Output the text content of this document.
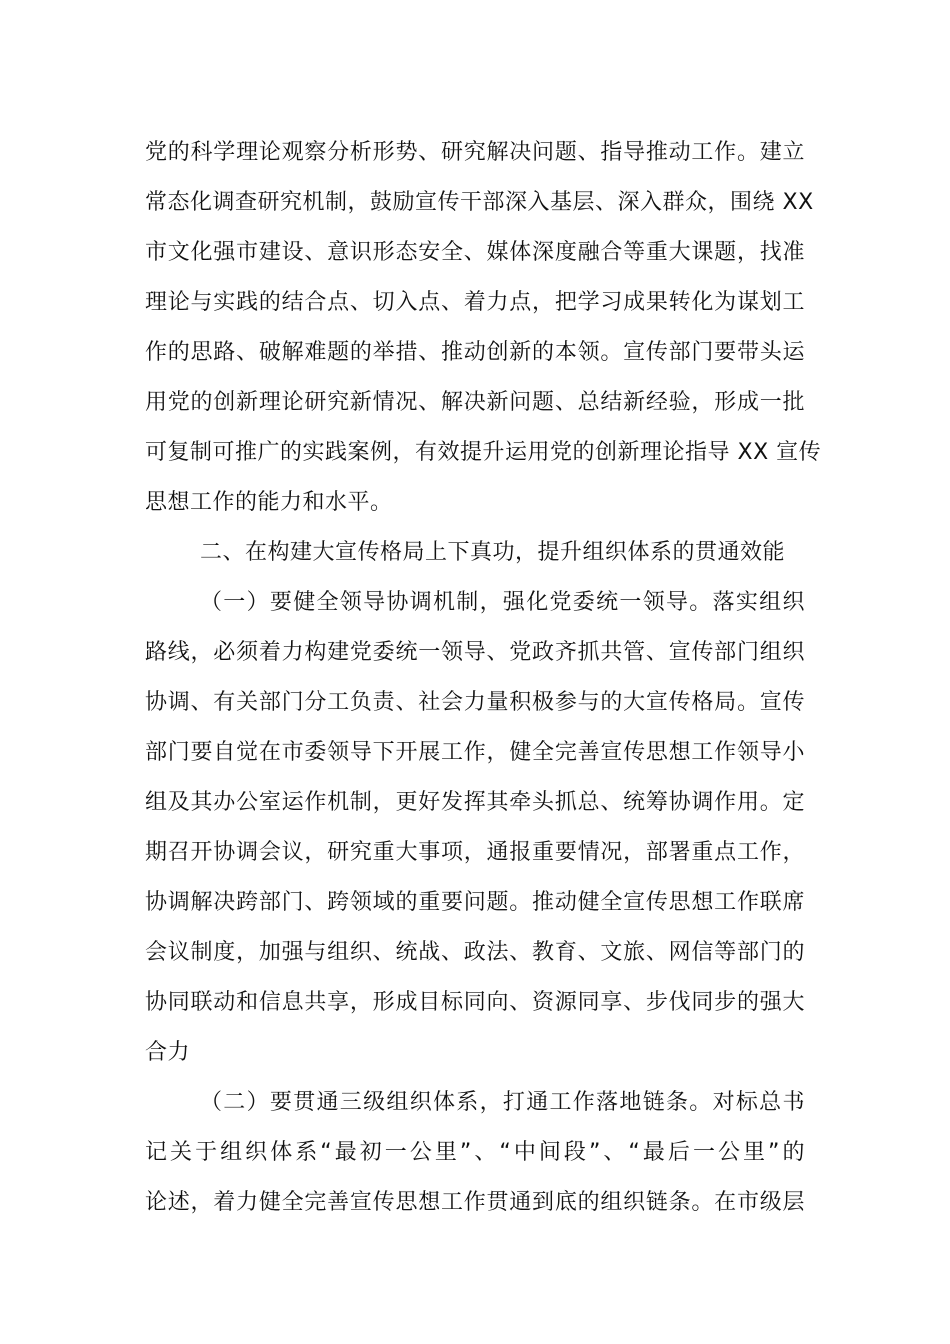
党的科学理论观察分析形势、研究解决问题、指导推动工作。建立
常态化调查研究机制，鼓励宣传干部深入基层、深入群众，围绕 XX
市文化强市建设、意识形态安全、媒体深度融合等重大课题，找准
理论与实践的结合点、切入点、着力点，把学习成果转化为谋划工
作的思路、破解难题的举措、推动创新的本领。宣传部门要带头运
用党的创新理论研究新情况、解决新问题、总结新经验，形成一批
可复制可推广的实践案例，有效提升运用党的创新理论指导 XX 宣传
思想工作的能力和水平。
二、在构建大宣传格局上下真功，提升组织体系的贯通效能
（一）要健全领导协调机制，强化党委统一领导。落实组织
路线，必须着力构建党委统一领导、党政齐抓共管、宣传部门组织
协调、有关部门分工负责、社会力量积极参与的大宣传格局。宣传
部门要自觉在市委领导下开展工作，健全完善宣传思想工作领导小
组及其办公室运作机制，更好发挥其牵头抓总、统筹协调作用。定
期召开协调会议，研究重大事项，通报重要情况，部署重点工作，
协调解决跨部门、跨领域的重要问题。推动健全宣传思想工作联席
会议制度，加强与组织、统战、政法、教育、文旅、网信等部门的
协同联动和信息共享，形成目标同向、资源同享、步伐同步的强大
合力
（二）要贯通三级组织体系，打通工作落地链条。对标总书
记关于组织体系“最初一公里”、“中间段”、“最后一公里”的
论述，着力健全完善宣传思想工作贯通到底的组织链条。在市级层
